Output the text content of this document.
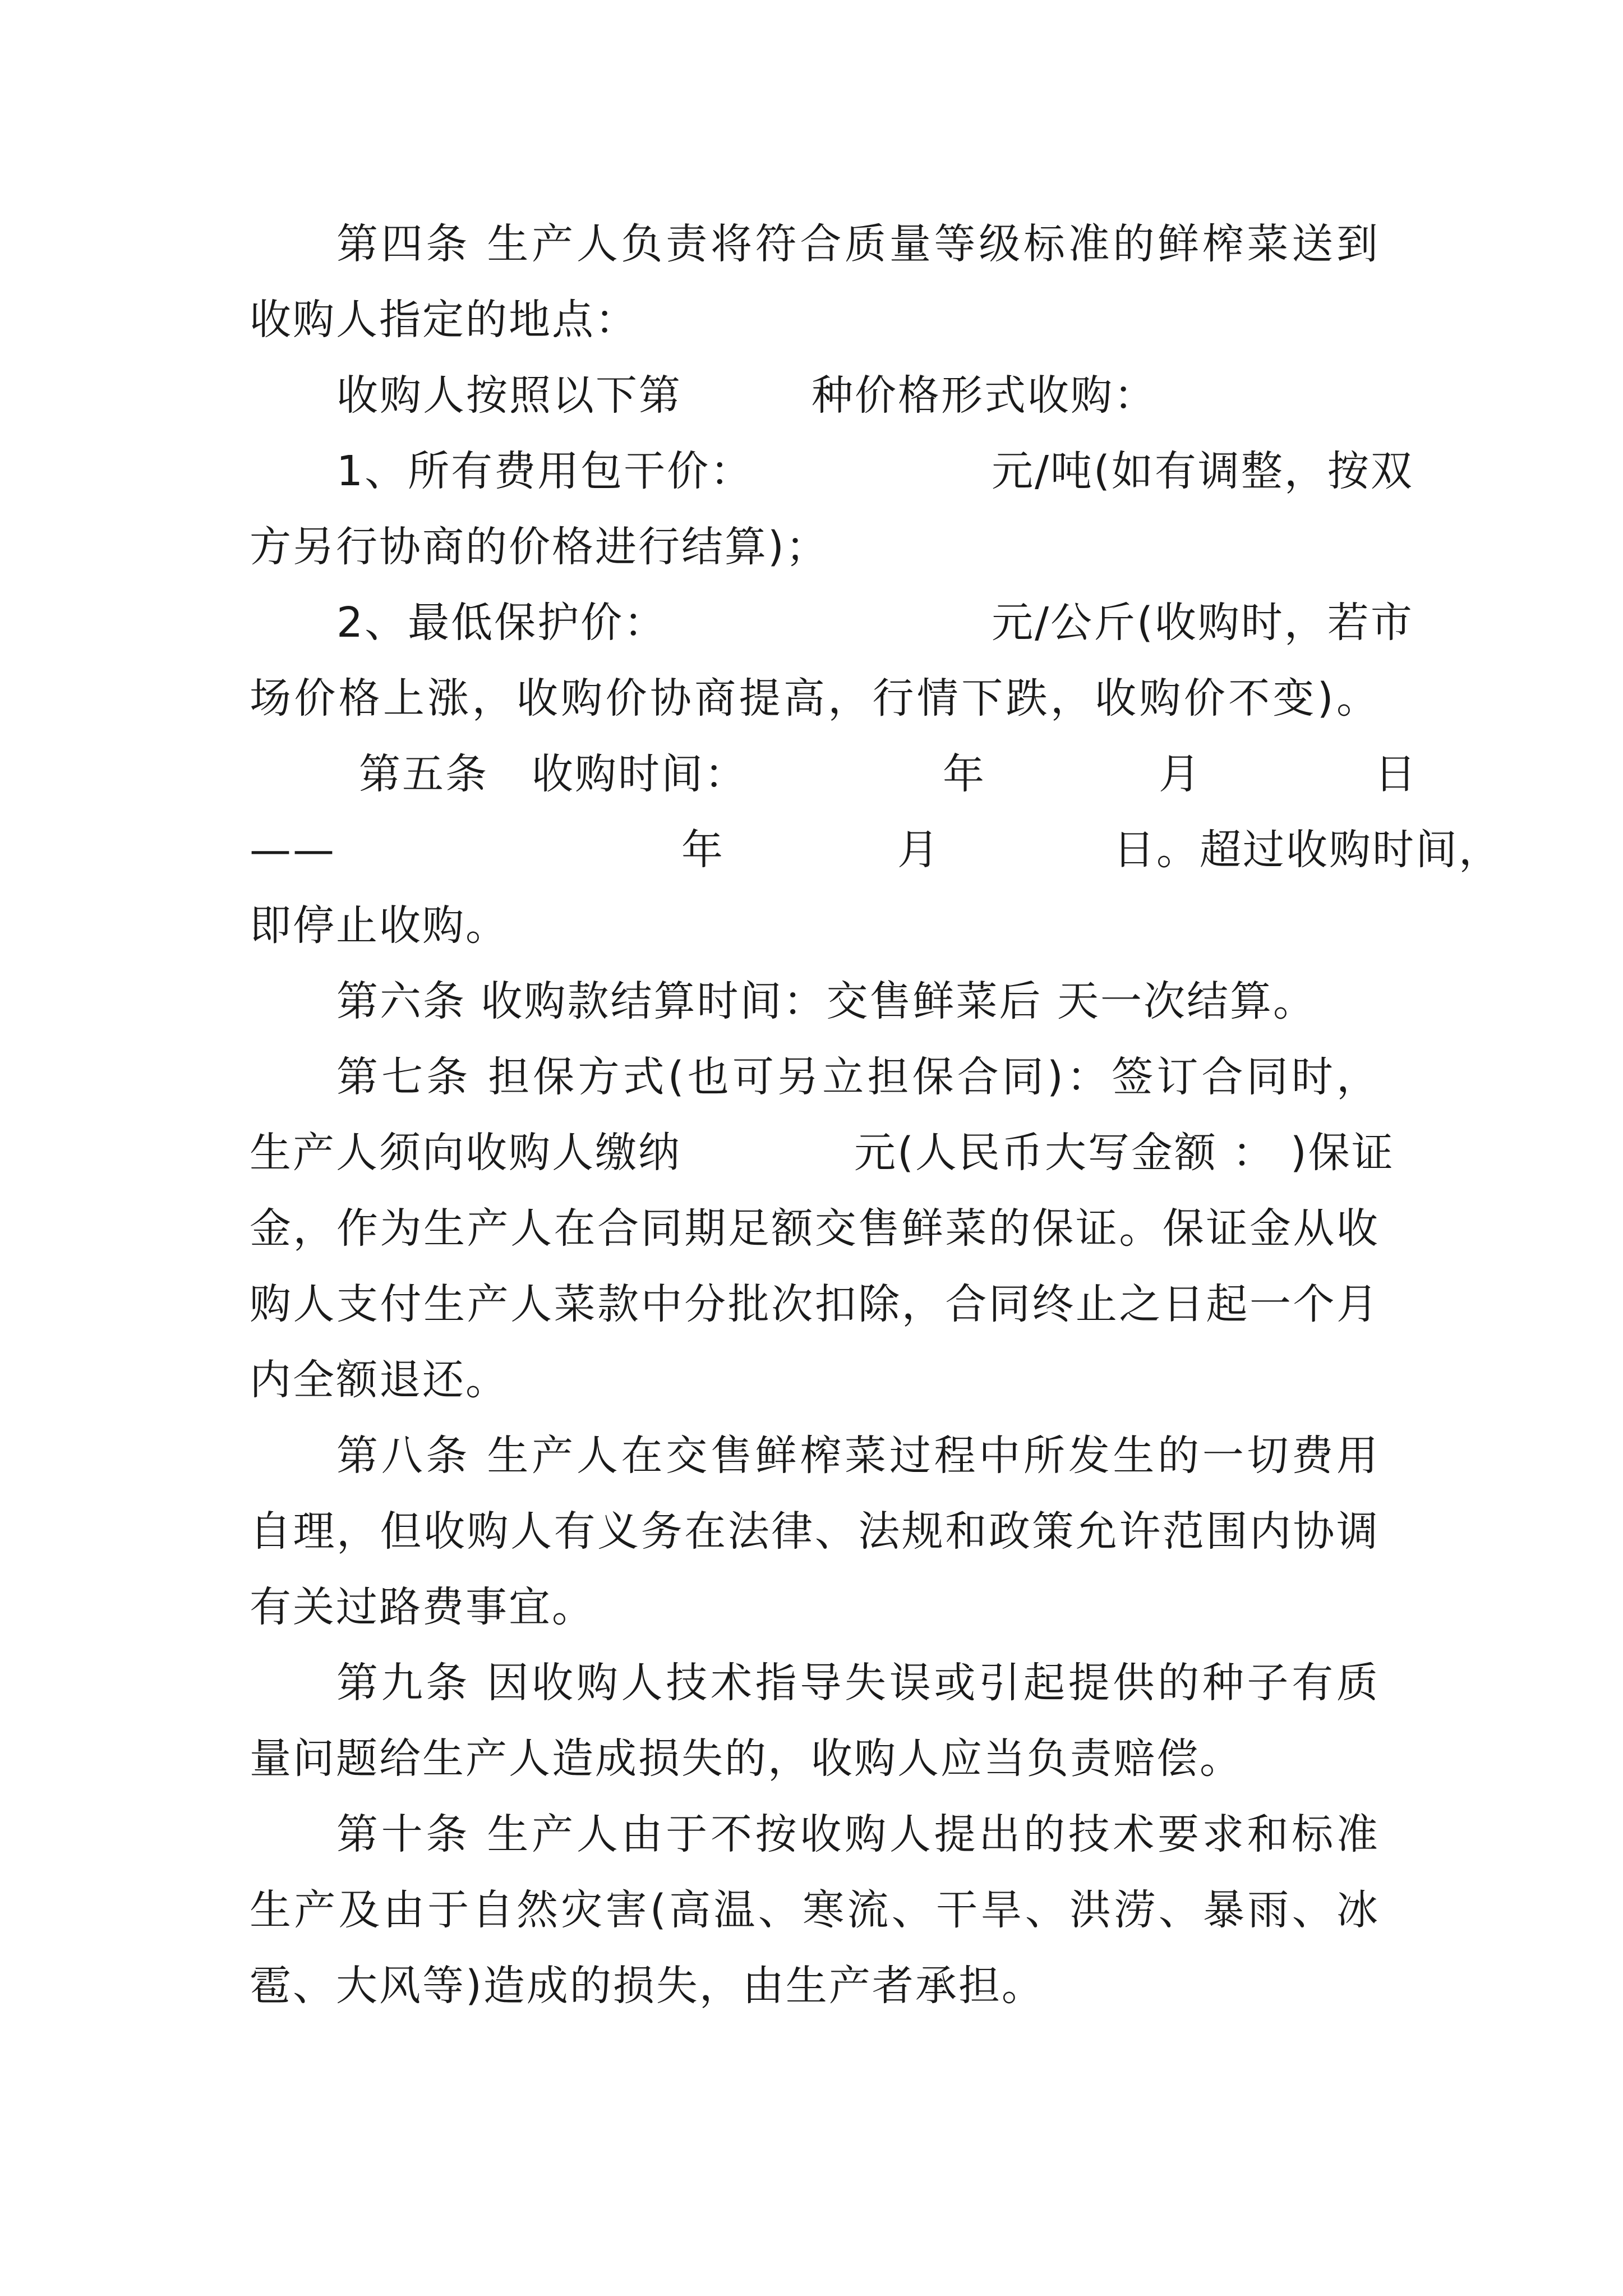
第四条 生产人负责将符合质量等级标准的鲜榨菜送到
收购人指定的地点：
收购人按照以下第　　　种价格形式收购：
1、所有费用包干价：　　　　　　元/吨(如有调整，按双
方另行协商的价格进行结算)；
2、最低保护价：　　　　　　　　元/公斤(收购时，若市
场价格上涨，收购价协商提高，行情下跌，收购价不变)。
第五条　收购时间：　　　　　年　　　　月　　　　日
——　　　　　　　　年　　　　月　　　　日。超过收购时间，
即停止收购。
第六条 收购款结算时间：交售鲜菜后 天一次结算。
第七条 担保方式(也可另立担保合同)：签订合同时，
生产人须向收购人缴纳　　　　元(人民币大写金额 ： )保证
金，作为生产人在合同期足额交售鲜菜的保证。保证金从收
购人支付生产人菜款中分批次扣除，合同终止之日起一个月
内全额退还。
第八条 生产人在交售鲜榨菜过程中所发生的一切费用
自理，但收购人有义务在法律、法规和政策允许范围内协调
有关过路费事宜。
第九条 因收购人技术指导失误或引起提供的种子有质
量问题给生产人造成损失的，收购人应当负责赔偿。
第十条 生产人由于不按收购人提出的技术要求和标准
生产及由于自然灾害(高温、寒流、干旱、洪涝、暴雨、冰
雹、大风等)造成的损失，由生产者承担。
